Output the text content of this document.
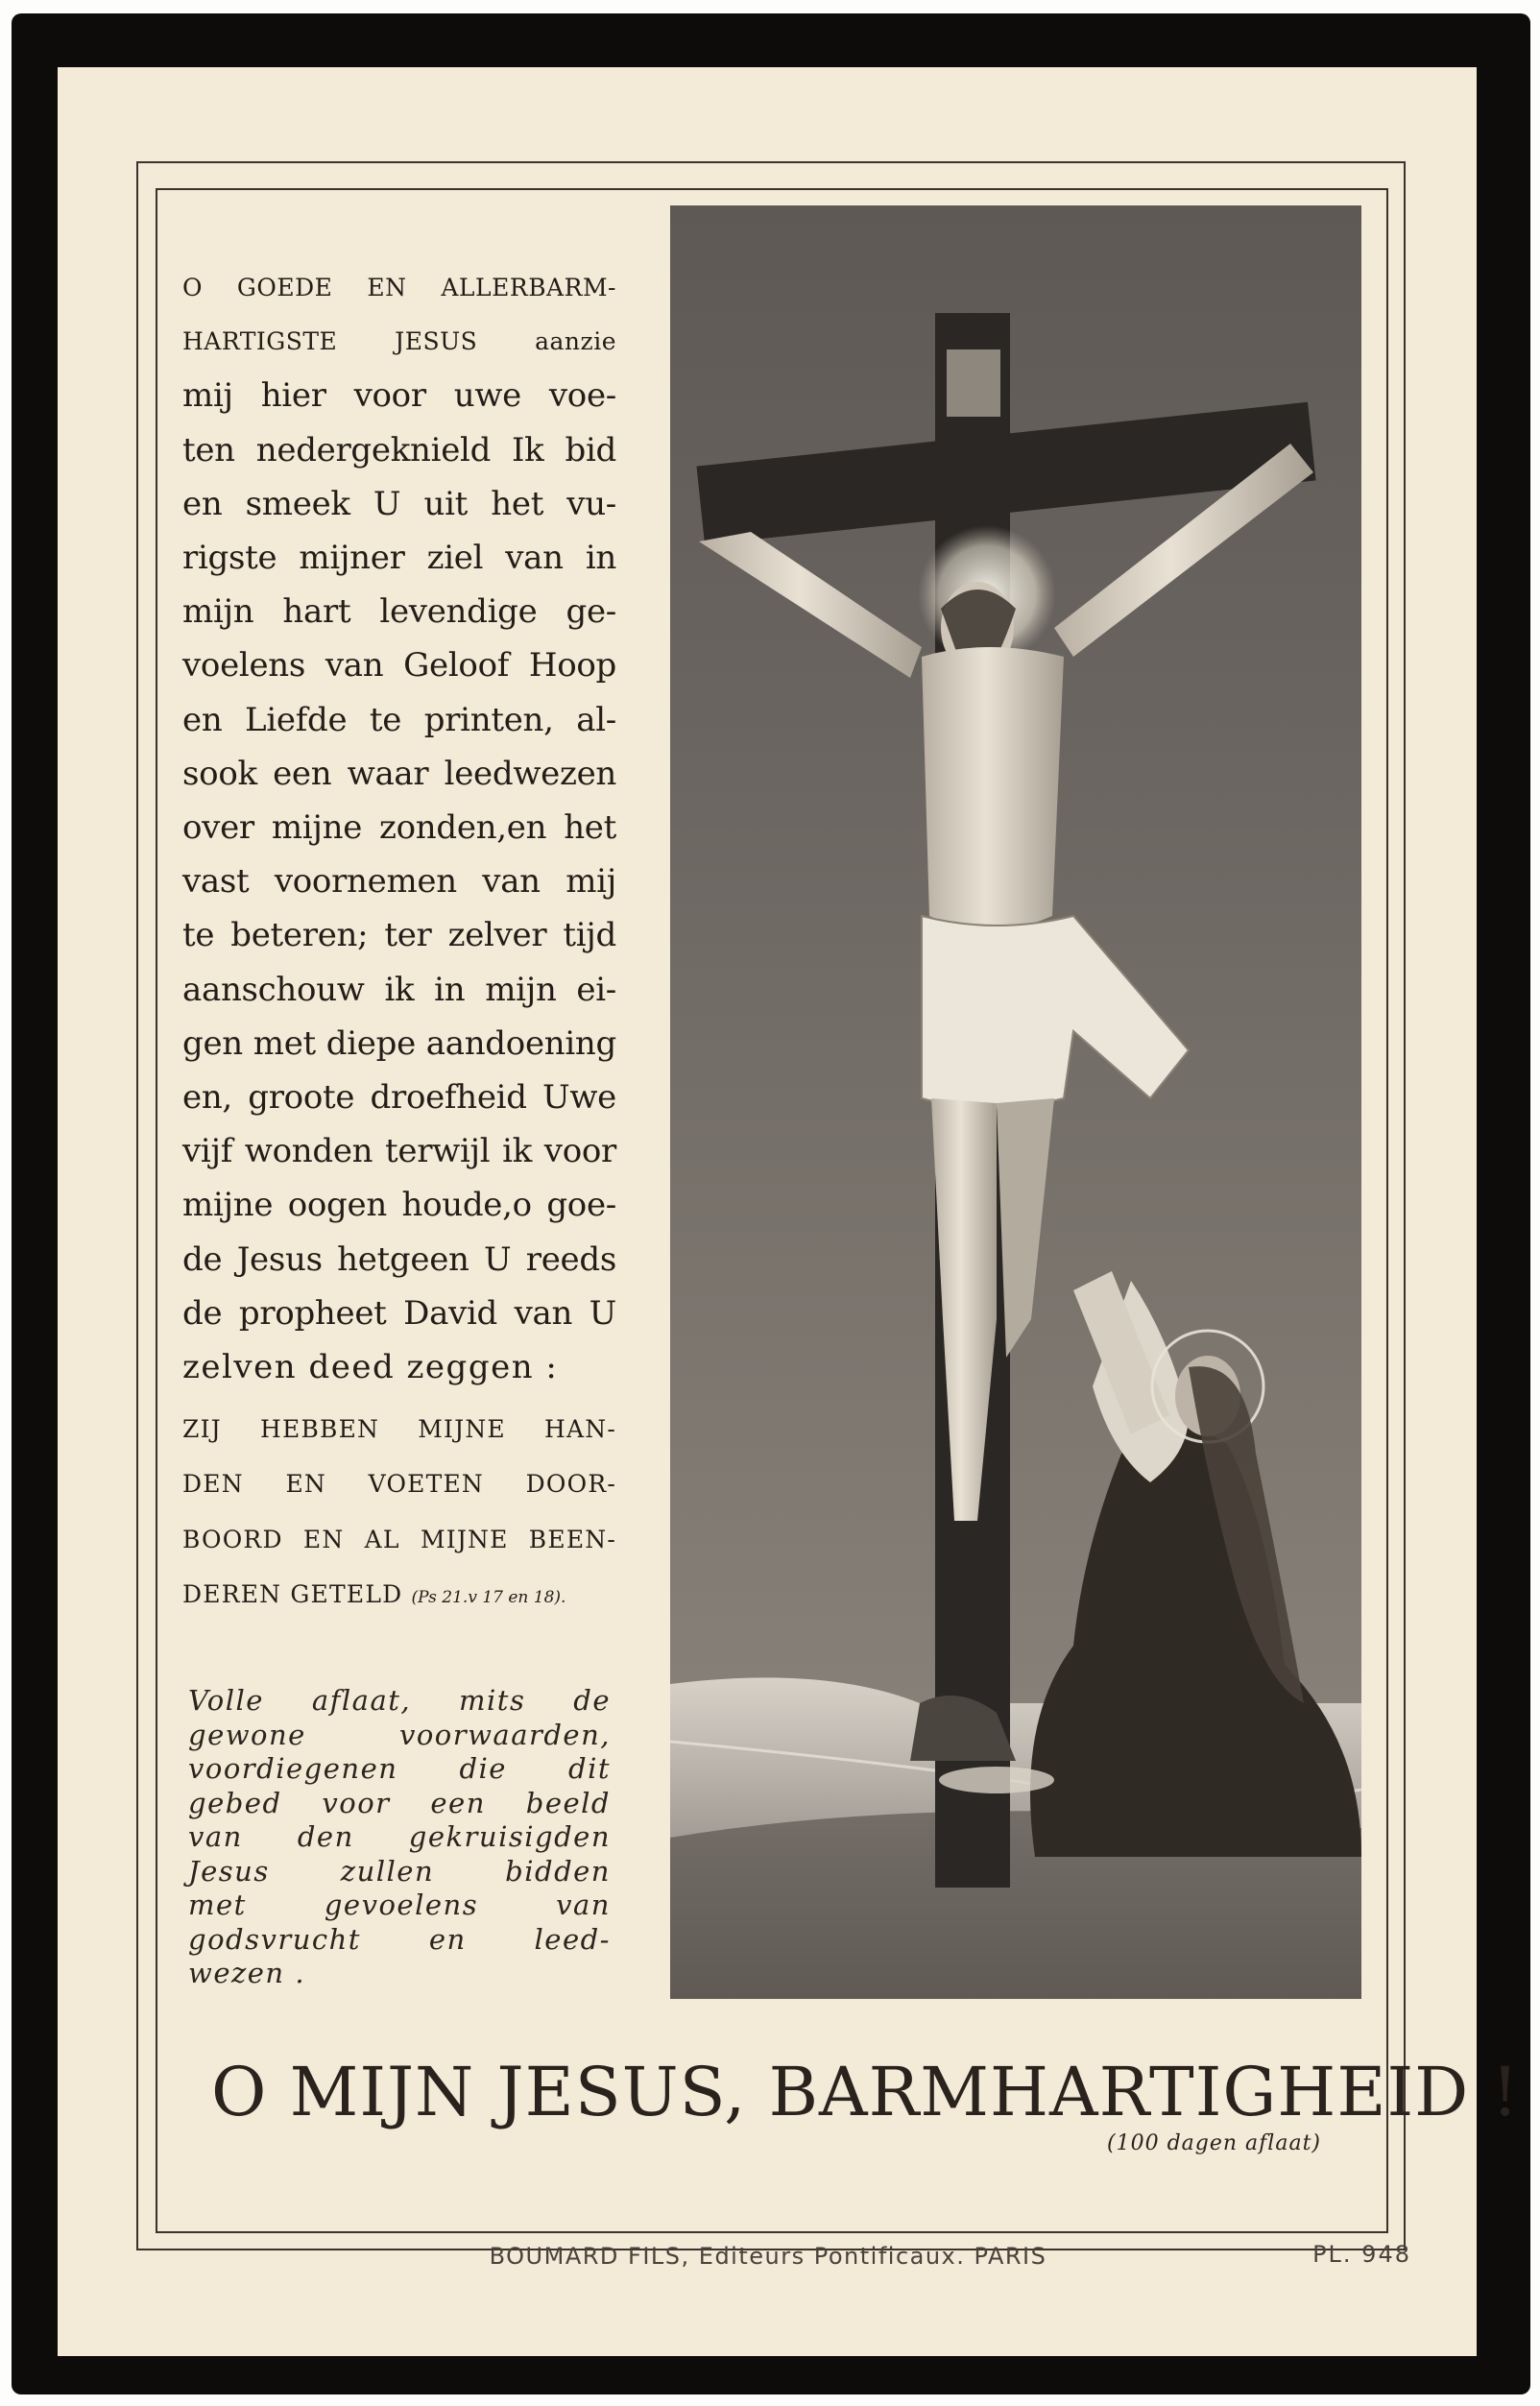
O GOEDE EN ALLERBARM-
HARTIGSTE JESUS aanzie
mij hier voor uwe voe-
ten nedergeknield Ik bid
en smeek U uit het vu-
rigste mijner ziel van in
mijn hart levendige ge-
voelens van Geloof Hoop
en Liefde te printen, al-
sook een waar leedwezen
over mijne zonden,en het
vast voornemen van mij
te beteren; ter zelver tijd
aanschouw ik in mijn ei-
gen met diepe aandoening
en, groote droefheid Uwe
vijf wonden terwijl ik voor
mijne oogen houde,o goe-
de Jesus hetgeen U reeds
de propheet David van U
zelven deed zeggen :
ZIJ HEBBEN MIJNE HAN-
DEN EN VOETEN DOOR-
BOORD EN AL MIJNE BEEN-
DEREN GETELD (Ps 21.v 17 en 18).
Volle aflaat, mits de
gewone voorwaarden,
voordiegenen die dit
gebed voor een beeld
van den gekruisigden
Jesus zullen bidden
met gevoelens van
godsvrucht en leed-
wezen .
O MIJN JESUS, BARMHARTIGHEID !
(100 dagen aflaat)
BOUMARD FILS, Editeurs Pontificaux. PARIS	PL. 948
